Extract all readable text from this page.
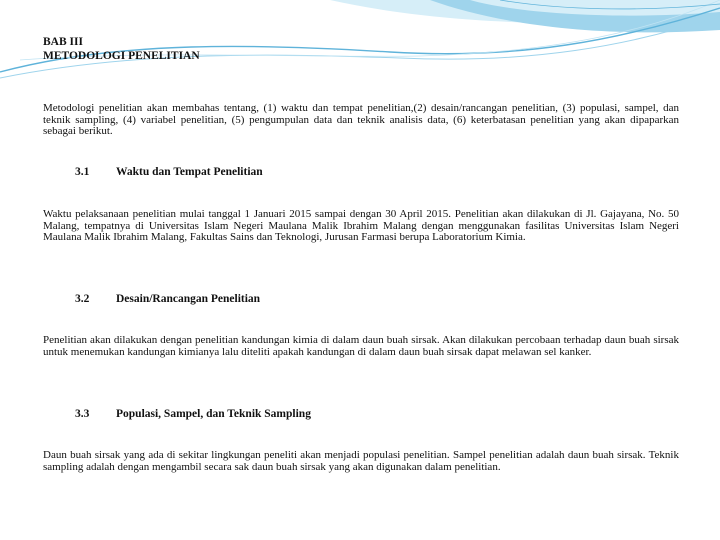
BAB III
METODOLOGI PENELITIAN

Metodologi penelitian akan membahas tentang, (1) waktu dan tempat penelitian,(2) desain/rancangan penelitian, (3) populasi, sampel, dan teknik sampling, (4) variabel penelitian, (5) pengumpulan data dan teknik analisis data, (6) keterbatasan penelitian yang akan dipaparkan sebagai berikut.

3.1 Waktu dan Tempat Penelitian

Waktu pelaksanaan penelitian mulai tanggal 1 Januari 2015 sampai dengan 30 April 2015. Penelitian akan dilakukan di Jl. Gajayana, No. 50 Malang, tempatnya di Universitas Islam Negeri Maulana Malik Ibrahim Malang dengan menggunakan fasilitas Universitas Islam Negeri Maulana Malik Ibrahim Malang, Fakultas Sains dan Teknologi, Jurusan Farmasi berupa Laboratorium Kimia.

3.2 Desain/Rancangan Penelitian

Penelitian akan dilakukan dengan penelitian kandungan kimia di dalam daun buah sirsak. Akan dilakukan percobaan terhadap daun buah sirsak untuk menemukan kandungan kimianya lalu diteliti apakah kandungan di dalam daun buah sirsak dapat melawan sel kanker.

3.3 Populasi, Sampel, dan Teknik Sampling

Daun buah sirsak yang ada di sekitar lingkungan peneliti akan menjadi populasi penelitian. Sampel penelitian adalah daun buah sirsak. Teknik sampling adalah dengan mengambil secara sak daun buah sirsak yang akan digunakan dalam penelitian.
